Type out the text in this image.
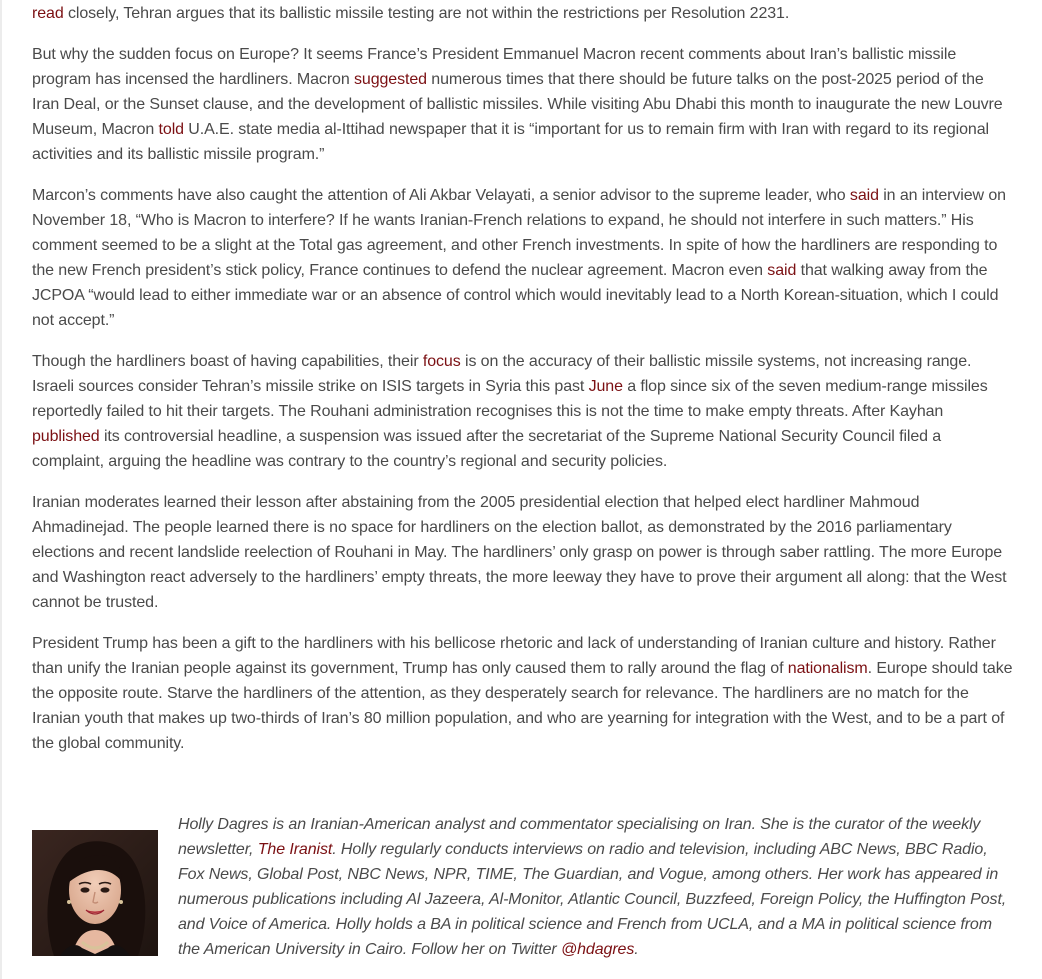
read closely, Tehran argues that its ballistic missile testing are not within the restrictions per Resolution 2231.

But why the sudden focus on Europe? It seems France’s President Emmanuel Macron recent comments about Iran’s ballistic missile program has incensed the hardliners. Macron suggested numerous times that there should be future talks on the post-2025 period of the Iran Deal, or the Sunset clause, and the development of ballistic missiles. While visiting Abu Dhabi this month to inaugurate the new Louvre Museum, Macron told U.A.E. state media al-Ittihad newspaper that it is “important for us to remain firm with Iran with regard to its regional activities and its ballistic missile program.”

Marcon’s comments have also caught the attention of Ali Akbar Velayati, a senior advisor to the supreme leader, who said in an interview on November 18, “Who is Macron to interfere? If he wants Iranian-French relations to expand, he should not interfere in such matters.” His comment seemed to be a slight at the Total gas agreement, and other French investments. In spite of how the hardliners are responding to the new French president’s stick policy, France continues to defend the nuclear agreement. Macron even said that walking away from the JCPOA “would lead to either immediate war or an absence of control which would inevitably lead to a North Korean-situation, which I could not accept.”

Though the hardliners boast of having capabilities, their focus is on the accuracy of their ballistic missile systems, not increasing range. Israeli sources consider Tehran’s missile strike on ISIS targets in Syria this past June a flop since six of the seven medium-range missiles reportedly failed to hit their targets. The Rouhani administration recognises this is not the time to make empty threats. After Kayhan published its controversial headline, a suspension was issued after the secretariat of the Supreme National Security Council filed a complaint, arguing the headline was contrary to the country’s regional and security policies.

Iranian moderates learned their lesson after abstaining from the 2005 presidential election that helped elect hardliner Mahmoud Ahmadinejad. The people learned there is no space for hardliners on the election ballot, as demonstrated by the 2016 parliamentary elections and recent landslide reelection of Rouhani in May. The hardliners’ only grasp on power is through saber rattling. The more Europe and Washington react adversely to the hardliners’ empty threats, the more leeway they have to prove their argument all along: that the West cannot be trusted.

President Trump has been a gift to the hardliners with his bellicose rhetoric and lack of understanding of Iranian culture and history. Rather than unify the Iranian people against its government, Trump has only caused them to rally around the flag of nationalism. Europe should take the opposite route. Starve the hardliners of the attention, as they desperately search for relevance. The hardliners are no match for the Iranian youth that makes up two-thirds of Iran’s 80 million population, and who are yearning for integration with the West, and to be a part of the global community.

Holly Dagres is an Iranian-American analyst and commentator specialising on Iran. She is the curator of the weekly newsletter, The Iranist. Holly regularly conducts interviews on radio and television, including ABC News, BBC Radio, Fox News, Global Post, NBC News, NPR, TIME, The Guardian, and Vogue, among others. Her work has appeared in numerous publications including Al Jazeera, Al-Monitor, Atlantic Council, Buzzfeed, Foreign Policy, the Huffington Post, and Voice of America. Holly holds a BA in political science and French from UCLA, and a MA in political science from the American University in Cairo. Follow her on Twitter @hdagres.
